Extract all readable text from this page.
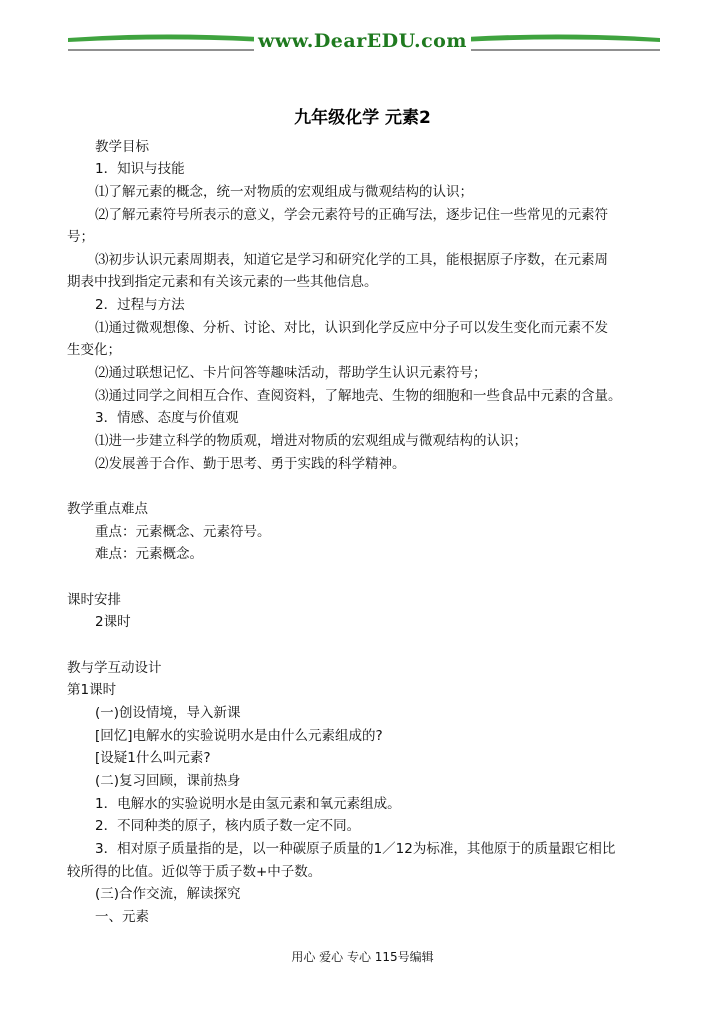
www.DearEDU.com
九年级化学 元素2
教学目标
1．知识与技能
⑴了解元素的概念，统一对物质的宏观组成与微观结构的认识；
⑵了解元素符号所表示的意义，学会元素符号的正确写法，逐步记住一些常见的元素符
号；
⑶初步认识元素周期表，知道它是学习和研究化学的工具，能根据原子序数，在元素周
期表中找到指定元素和有关该元素的一些其他信息。
2．过程与方法
⑴通过微观想像、分析、讨论、对比，认识到化学反应中分子可以发生变化而元素不发
生变化；
⑵通过联想记忆、卡片问答等趣味活动，帮助学生认识元素符号；
⑶通过同学之间相互合作、查阅资料，了解地壳、生物的细胞和一些食品中元素的含量。
3．情感、态度与价值观
⑴进一步建立科学的物质观，增进对物质的宏观组成与微观结构的认识；
⑵发展善于合作、勤于思考、勇于实践的科学精神。
教学重点难点
重点：元素概念、元素符号。
难点：元素概念。
课时安排
2课时
教与学互动设计
第1课时
(一)创设情境，导入新课
[回忆]电解水的实验说明水是由什么元素组成的?
[设疑1什么叫元素?
(二)复习回顾，课前热身
1．电解水的实验说明水是由氢元素和氧元素组成。
2．不同种类的原子，核内质子数一定不同。
3．相对原子质量指的是，以一种碳原子质量的1／12为标准，其他原于的质量跟它相比
较所得的比值。近似等于质子数+中子数。
(三)合作交流，解读探究
一、元素
用心 爱心 专心 115号编辑
